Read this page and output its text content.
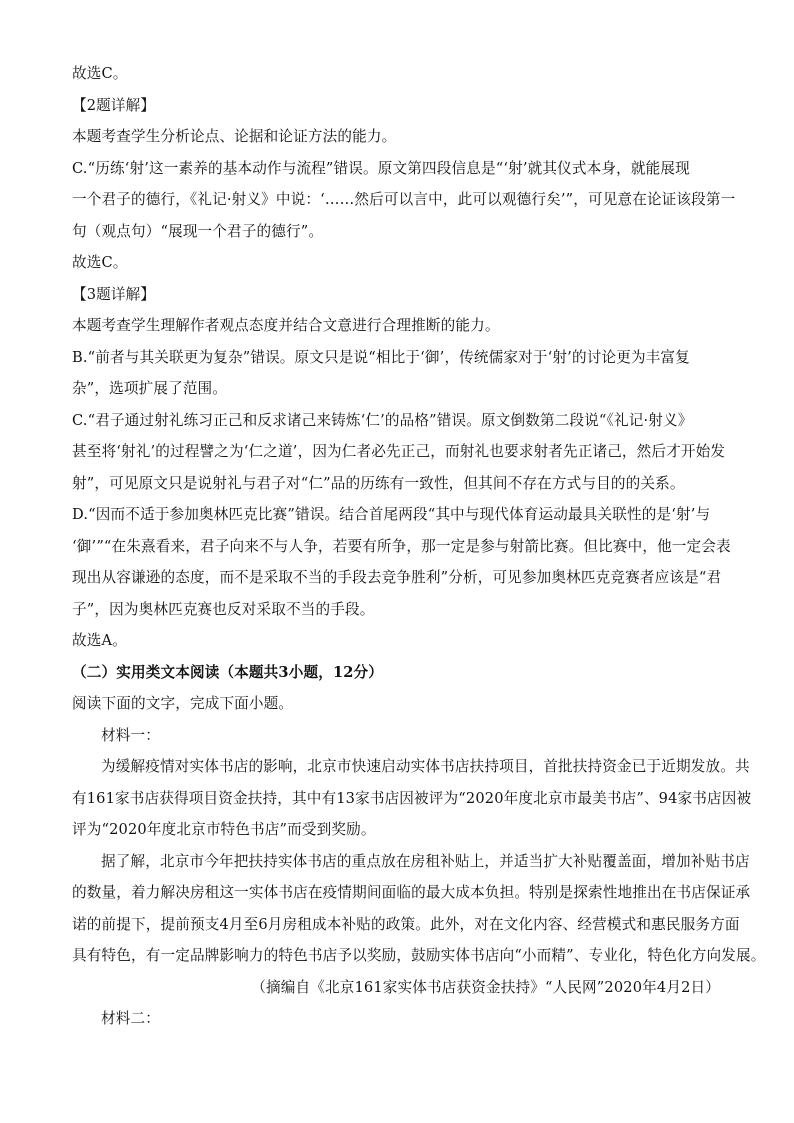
故选C。
【2题详解】
本题考查学生分析论点、论据和论证方法的能力。
C.“历练‘射’这一素养的基本动作与流程”错误。原文第四段信息是“‘射’就其仪式本身，就能展现
一个君子的德行，《礼记·射义》中说：‘……然后可以言中，此可以观德行矣’”，可见意在论证该段第一
句（观点句）“展现一个君子的德行”。
故选C。
【3题详解】
本题考查学生理解作者观点态度并结合文意进行合理推断的能力。
B.“前者与其关联更为复杂”错误。原文只是说“相比于‘御’，传统儒家对于‘射’的讨论更为丰富复
杂”，选项扩展了范围。
C.“君子通过射礼练习正己和反求诸己来铸炼‘仁’的品格”错误。原文倒数第二段说“《礼记·射义》
甚至将‘射礼’的过程譬之为‘仁之道’，因为仁者必先正己，而射礼也要求射者先正诸己，然后才开始发
射”，可见原文只是说射礼与君子对“仁”品的历练有一致性，但其间不存在方式与目的的关系。
D.“因而不适于参加奥林匹克比赛”错误。结合首尾两段“其中与现代体育运动最具关联性的是‘射’与
‘御’”“在朱熹看来，君子向来不与人争，若要有所争，那一定是参与射箭比赛。但比赛中，他一定会表
现出从容谦逊的态度，而不是采取不当的手段去竞争胜利”分析，可见参加奥林匹克竞赛者应该是“君
子”，因为奥林匹克赛也反对采取不当的手段。
故选A。
（二）实用类文本阅读（本题共3小题，12分）
阅读下面的文字，完成下面小题。
材料一：
为缓解疫情对实体书店的影响，北京市快速启动实体书店扶持项目，首批扶持资金已于近期发放。共
有161家书店获得项目资金扶持，其中有13家书店因被评为“2020年度北京市最美书店”、94家书店因被
评为“2020年度北京市特色书店”而受到奖励。
据了解，北京市今年把扶持实体书店的重点放在房租补贴上，并适当扩大补贴覆盖面，增加补贴书店
的数量，着力解决房租这一实体书店在疫情期间面临的最大成本负担。特别是探索性地推出在书店保证承
诺的前提下，提前预支4月至6月房租成本补贴的政策。此外，对在文化内容、经营模式和惠民服务方面
具有特色，有一定品牌影响力的特色书店予以奖励，鼓励实体书店向“小而精”、专业化，特色化方向发展。
（摘编自《北京161家实体书店获资金扶持》“人民网”2020年4月2日）
材料二：
